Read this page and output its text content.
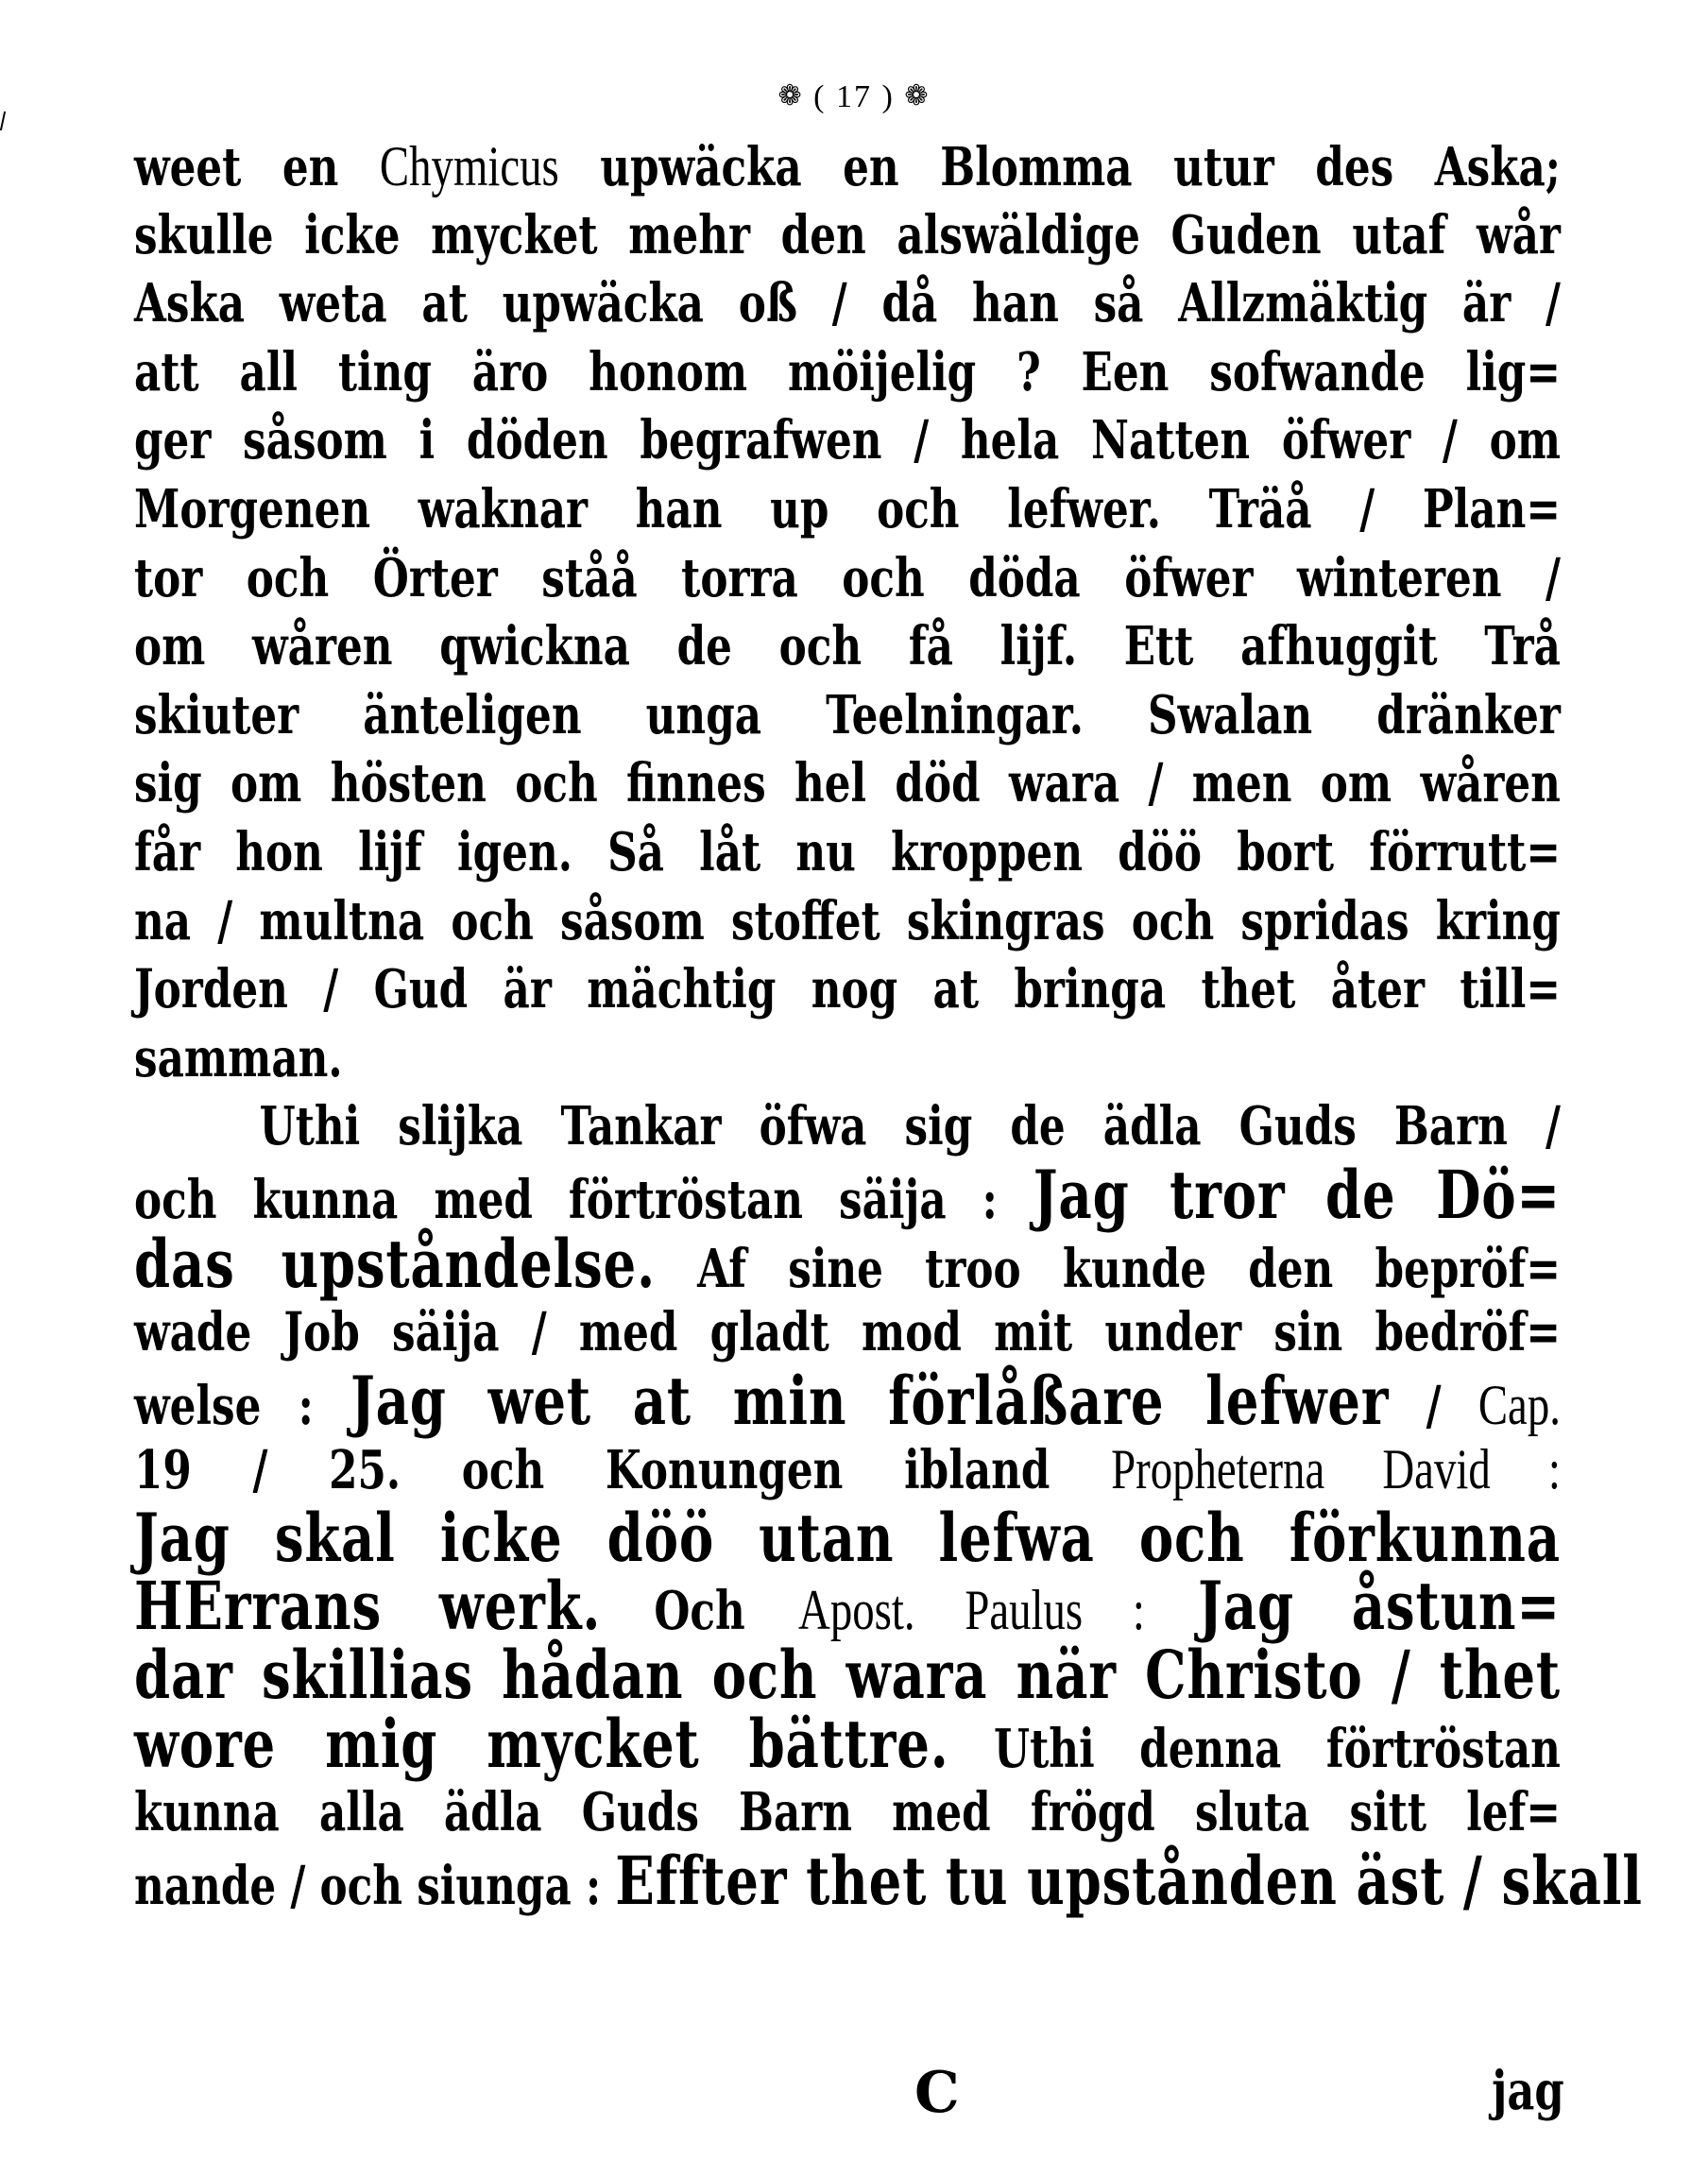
❁ ( 17 ) ❁
weet en Chymicus upwäcka en Blomma utur des Aska;
skulle icke mycket mehr den alswäldige Guden utaf wår
Aska weta at upwäcka oß / då han så Allzmäktig är /
att all ting äro honom möijelig ? Een sofwande lig=
ger såsom i döden begrafwen / hela Natten öfwer / om
Morgenen waknar han up och lefwer. Träå / Plan=
tor och Örter ståå torra och döda öfwer winteren /
om wåren qwickna de och få lijf. Ett afhuggit Trå
skiuter änteligen unga Teelningar. Swalan dränker
sig om hösten och finnes hel död wara / men om wåren
får hon lijf igen. Så låt nu kroppen döö bort förrutt=
na / multna och såsom stoffet skingras och spridas kring
Jorden / Gud är mächtig nog at bringa thet åter till=
samman.
Uthi slijka Tankar öfwa sig de ädla Guds Barn /
och kunna med förtröstan säija : Jag tror de Dö=
das upståndelse. Af sine troo kunde den bepröf=
wade Job säija / med gladt mod mit under sin bedröf=
welse : Jag wet at min förlåßare lefwer / Cap.
19 / 25. och Konungen ibland Propheterna David :
Jag skal icke döö utan lefwa och förkunna
HErrans werk. Och Apost. Paulus : Jag åstun=
dar skillias hådan och wara när Christo / thet
wore mig mycket bättre. Uthi denna förtröstan
kunna alla ädla Guds Barn med frögd sluta sitt lef=
nande / och siunga : Effter thet tu upstånden äst / skall
C	jag
